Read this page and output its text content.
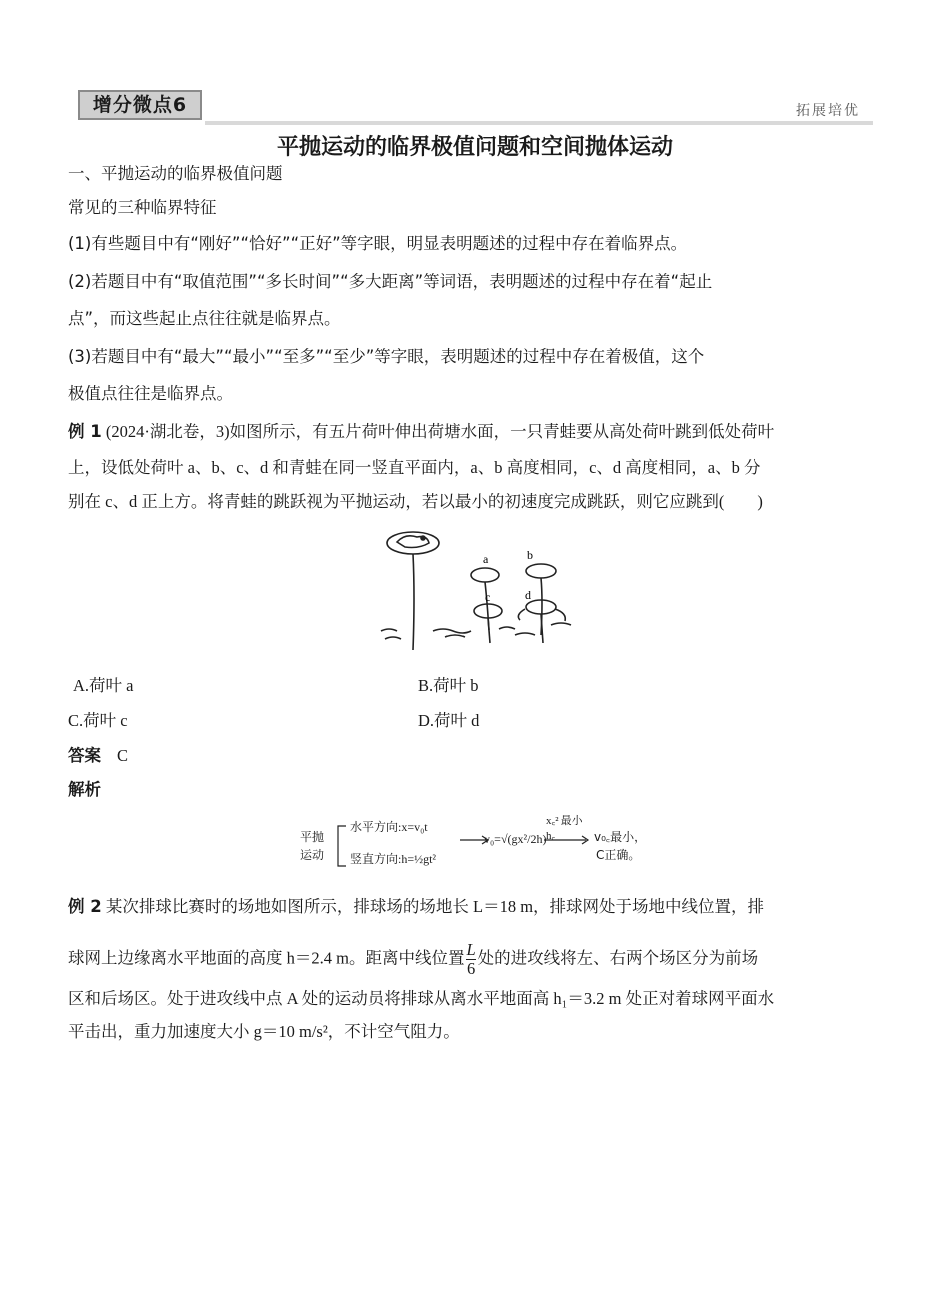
增分微点6	拓展培优
平抛运动的临界极值问题和空间抛体运动
一、平抛运动的临界极值问题
常见的三种临界特征
(1)有些题目中有“刚好”“恰好”“正好”等字眼，明显表明题述的过程中存在着临界点。
(2)若题目中有“取值范围”“多长时间”“多大距离”等词语，表明题述的过程中存在着“起止
点”，而这些起止点往往就是临界点。
(3)若题目中有“最大”“最小”“至多”“至少”等字眼，表明题述的过程中存在着极值，这个
极值点往往是临界点。
例 1 (2024·湖北卷，3)如图所示，有五片荷叶伸出荷塘水面，一只青蛙要从高处荷叶跳到低处荷叶
上，设低处荷叶 a、b、c、d 和青蛙在同一竖直平面内，a、b 高度相同，c、d 高度相同，a、b 分
别在 c、d 正上方。将青蛙的跳跃视为平抛运动，若以最小的初速度完成跳跃，则它应跳到(　　)
a	b
c	d
A.荷叶 a	B.荷叶 b
C.荷叶 c	D.荷叶 d
答案 C
解析
平抛
运动
水平方向:x=v₀t
竖直方向:h=½gt²
v₀=√(gx²/2h)
x꜀² 最小
h꜀	v₀꜀最小，
C正确。
例 2 某次排球比赛时的场地如图所示，排球场的场地长 L＝18 m，排球网处于场地中线位置，排
球网上边缘离水平地面的高度 h＝2.4 m。距离中线位置 $\frac{L}{6}$ 处的进攻线将左、右两个场区分为前场
区和后场区。处于进攻线中点 A 处的运动员将排球从离水平地面高 h₁＝3.2 m 处正对着球网平面水
平击出，重力加速度大小 g＝10 m/s²，不计空气阻力。
